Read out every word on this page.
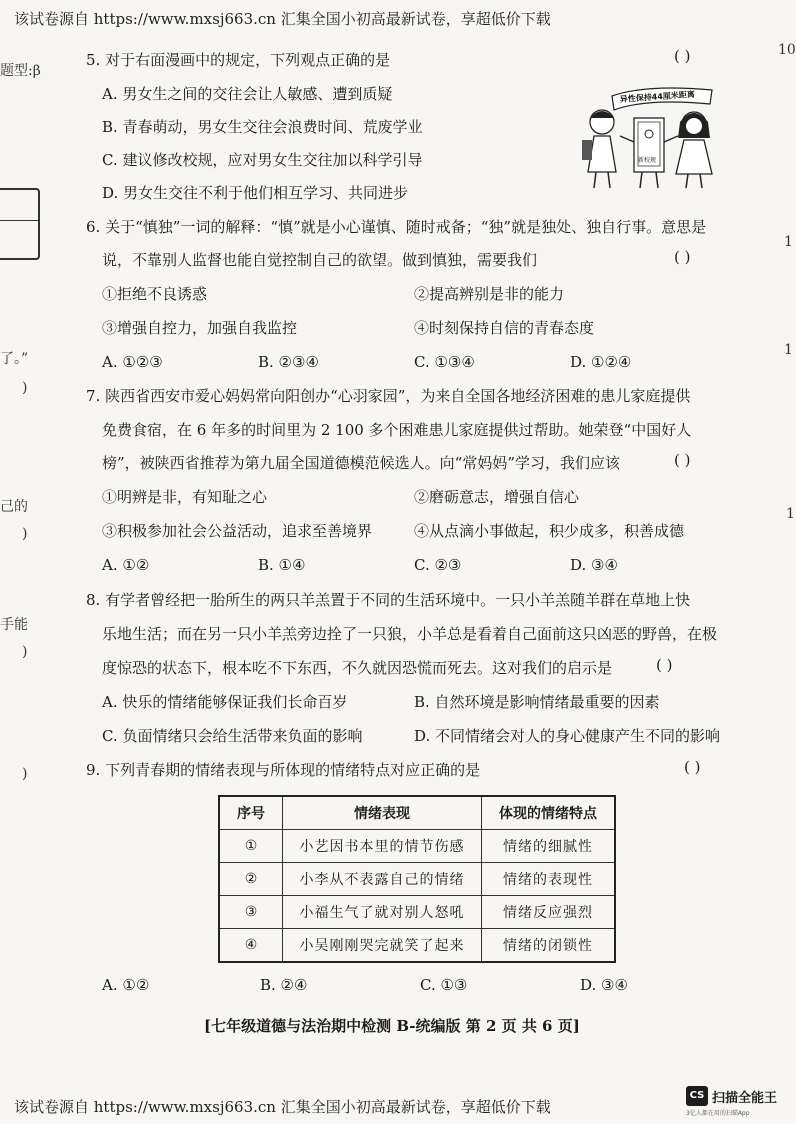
该试卷源自 https://www.mxsj663.cn 汇集全国小初高最新试卷，享超低价下载
题型:β
了。”
)
己的
)
手能
)
)
10
1
1
1
5. 对于右面漫画中的规定，下列观点正确的是	( )
A. 男女生之间的交往会让人敏感、遭到质疑
B. 青春萌动，男女生交往会浪费时间、荒废学业
C. 建议修改校规，应对男女生交往加以科学引导
D. 男女生交往不利于他们相互学习、共同进步
异性保持44厘米距离
新校规
6. 关于“慎独”一词的解释：“慎”就是小心谨慎、随时戒备；“独”就是独处、独自行事。意思是
说，不靠别人监督也能自觉控制自己的欲望。做到慎独，需要我们	( )
①拒绝不良诱惑	②提高辨别是非的能力
③增强自控力，加强自我监控	④时刻保持自信的青春态度
A. ①②③	B. ②③④	C. ①③④	D. ①②④
7. 陕西省西安市爱心妈妈常向阳创办“心羽家园”，为来自全国各地经济困难的患儿家庭提供
免费食宿，在 6 年多的时间里为 2 100 多个困难患儿家庭提供过帮助。她荣登“中国好人
榜”，被陕西省推荐为第九届全国道德模范候选人。向“常妈妈”学习，我们应该	( )
①明辨是非，有知耻之心	②磨砺意志，增强自信心
③积极参加社会公益活动，追求至善境界	④从点滴小事做起，积少成多，积善成德
A. ①②	B. ①④	C. ②③	D. ③④
8. 有学者曾经把一胎所生的两只羊羔置于不同的生活环境中。一只小羊羔随羊群在草地上快
乐地生活；而在另一只小羊羔旁边拴了一只狼，小羊总是看着自己面前这只凶恶的野兽，在极
度惊恐的状态下，根本吃不下东西，不久就因恐慌而死去。这对我们的启示是	( )
A. 快乐的情绪能够保证我们长命百岁	B. 自然环境是影响情绪最重要的因素
C. 负面情绪只会给生活带来负面的影响	D. 不同情绪会对人的身心健康产生不同的影响
9. 下列青春期的情绪表现与所体现的情绪特点对应正确的是	( )
序号	情绪表现	体现的情绪特点
①	小艺因书本里的情节伤感	情绪的细腻性
②	小李从不表露自己的情绪	情绪的表现性
③	小福生气了就对别人怒吼	情绪反应强烈
④	小吴刚刚哭完就笑了起来	情绪的闭锁性
A. ①②	B. ②④	C. ①③	D. ③④
[七年级道德与法治期中检测 B-统编版 第 2 页 共 6 页]
该试卷源自 https://www.mxsj663.cn 汇集全国小初高最新试卷，享超低价下载
CS 扫描全能王
3亿人都在用的扫描App
